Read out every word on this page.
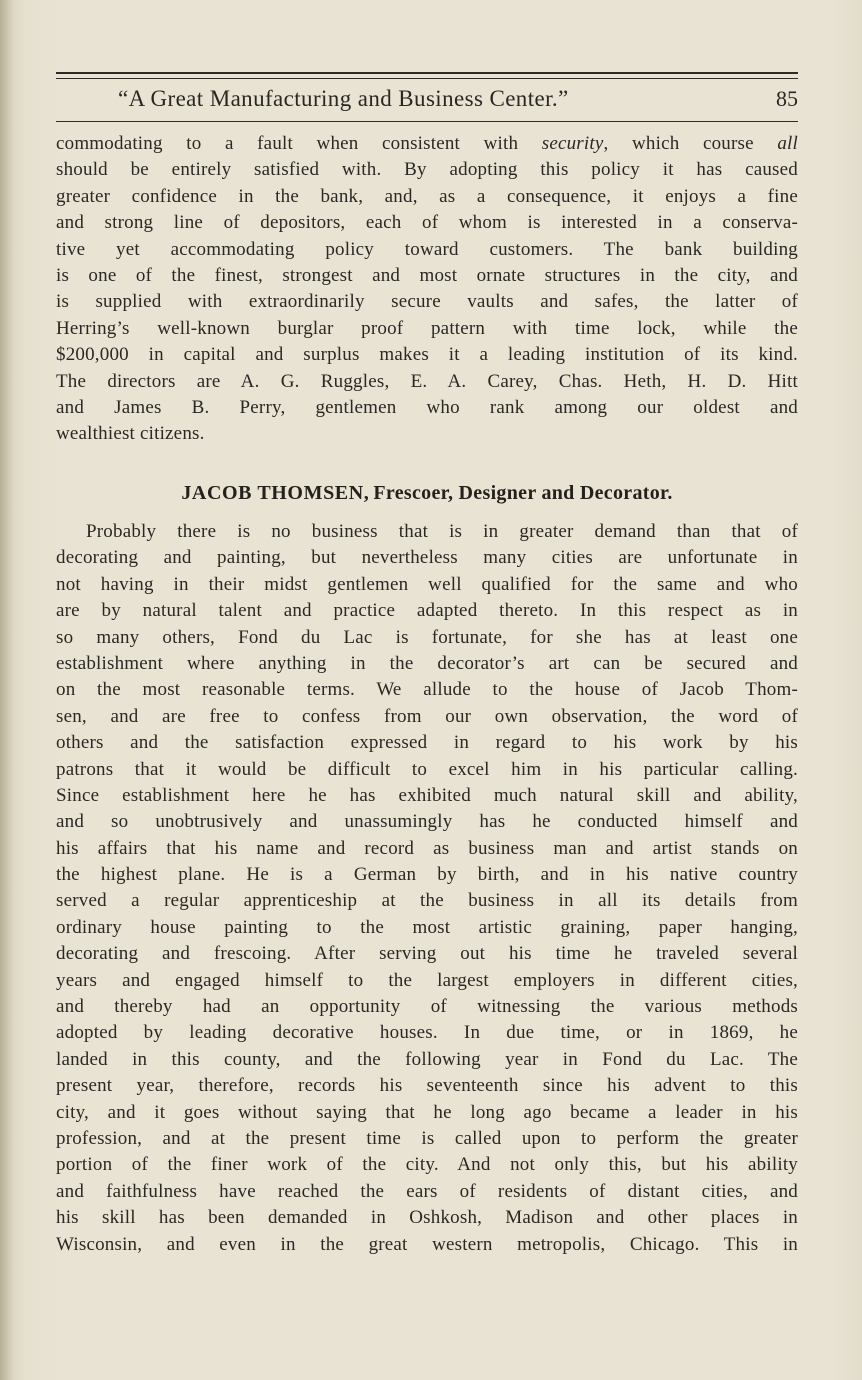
“A Great Manufacturing and Business Center.”	85
commodating to a fault when consistent with security, which course all
should be entirely satisfied with. By adopting this policy it has caused
greater confidence in the bank, and, as a consequence, it enjoys a fine
and strong line of depositors, each of whom is interested in a conserva-
tive yet accommodating policy toward customers. The bank building
is one of the finest, strongest and most ornate structures in the city, and
is supplied with extraordinarily secure vaults and safes, the latter of
Herring’s well-known burglar proof pattern with time lock, while the
$200,000 in capital and surplus makes it a leading institution of its kind.
The directors are A. G. Ruggles, E. A. Carey, Chas. Heth, H. D. Hitt
and James B. Perry, gentlemen who rank among our oldest and
wealthiest citizens.
JACOB THOMSEN, Frescoer, Designer and Decorator.
Probably there is no business that is in greater demand than that of
decorating and painting, but nevertheless many cities are unfortunate in
not having in their midst gentlemen well qualified for the same and who
are by natural talent and practice adapted thereto. In this respect as in
so many others, Fond du Lac is fortunate, for she has at least one
establishment where anything in the decorator’s art can be secured and
on the most reasonable terms. We allude to the house of Jacob Thom-
sen, and are free to confess from our own observation, the word of
others and the satisfaction expressed in regard to his work by his
patrons that it would be difficult to excel him in his particular calling.
Since establishment here he has exhibited much natural skill and ability,
and so unobtrusively and unassumingly has he conducted himself and
his affairs that his name and record as business man and artist stands on
the highest plane. He is a German by birth, and in his native country
served a regular apprenticeship at the business in all its details from
ordinary house painting to the most artistic graining, paper hanging,
decorating and frescoing. After serving out his time he traveled several
years and engaged himself to the largest employers in different cities,
and thereby had an opportunity of witnessing the various methods
adopted by leading decorative houses. In due time, or in 1869, he
landed in this county, and the following year in Fond du Lac. The
present year, therefore, records his seventeenth since his advent to this
city, and it goes without saying that he long ago became a leader in his
profession, and at the present time is called upon to perform the greater
portion of the finer work of the city. And not only this, but his ability
and faithfulness have reached the ears of residents of distant cities, and
his skill has been demanded in Oshkosh, Madison and other places in
Wisconsin, and even in the great western metropolis, Chicago. This in
